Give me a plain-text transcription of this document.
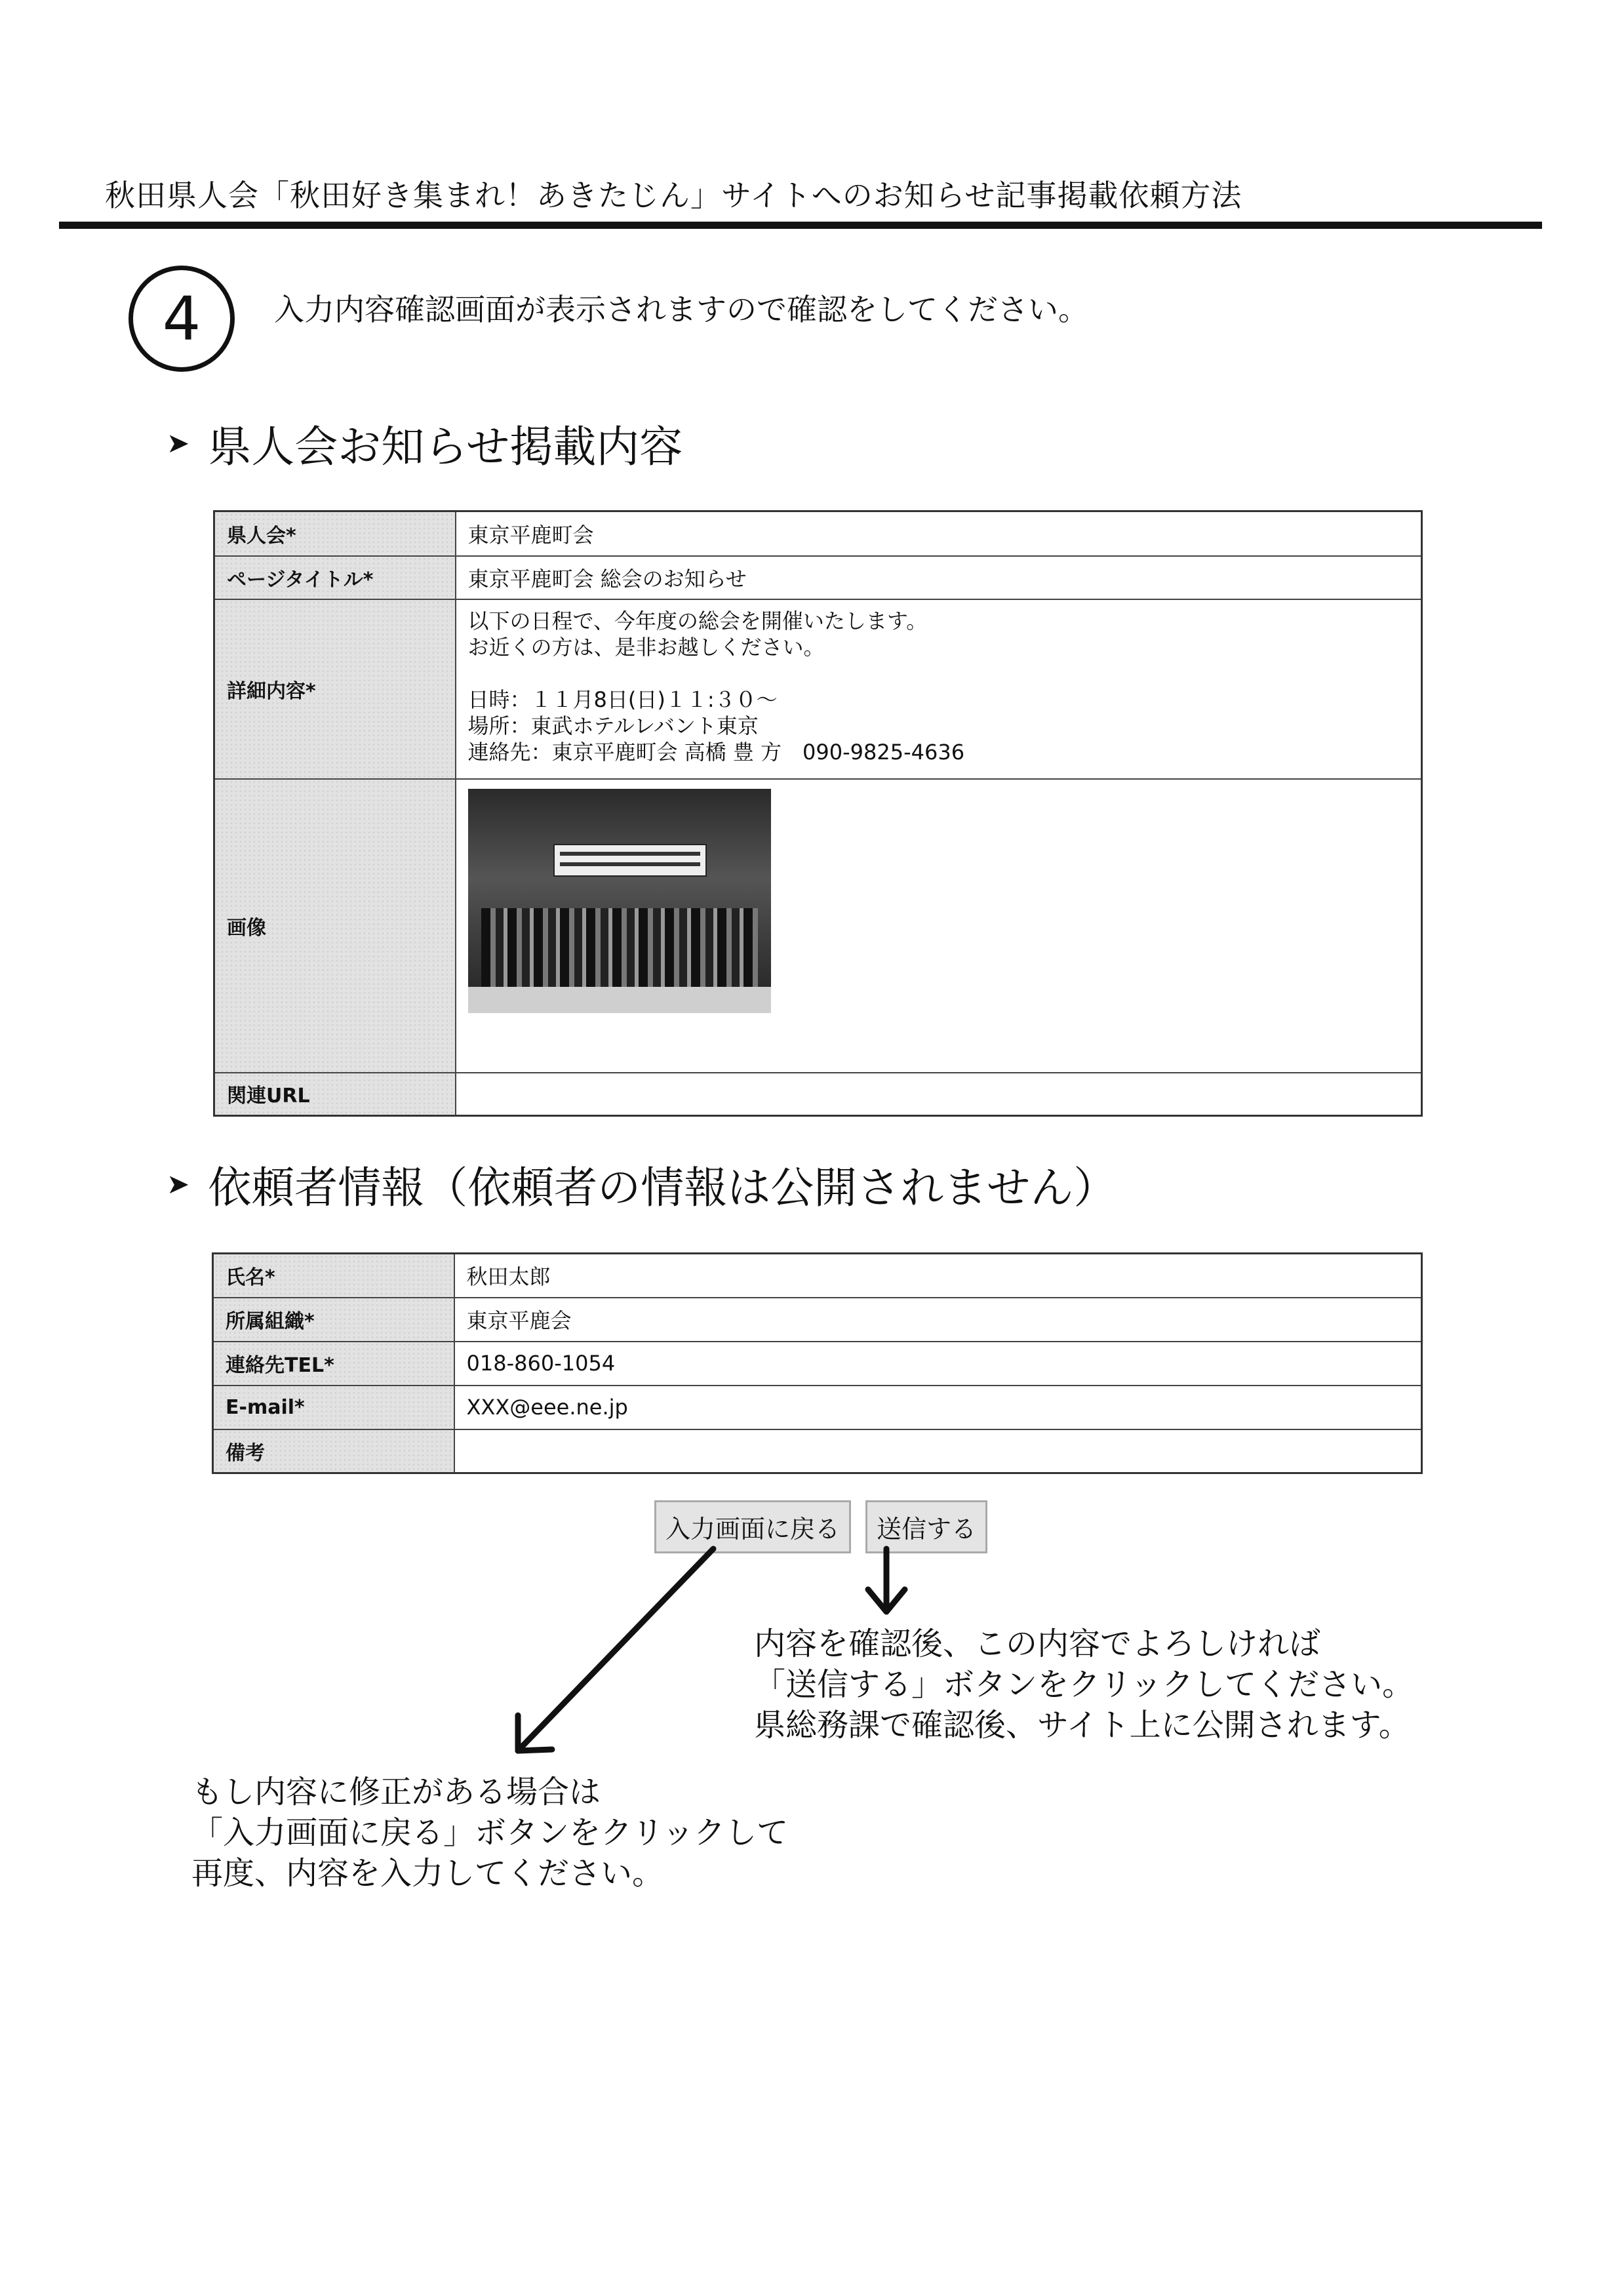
秋田県人会「秋田好き集まれ！あきたじん」サイトへのお知らせ記事掲載依頼方法
4	入力内容確認画面が表示されますので確認をしてください。
➤ 県人会お知らせ掲載内容
県人会*	東京平鹿町会
ページタイトル*	東京平鹿町会 総会のお知らせ
詳細内容*	以下の日程で、今年度の総会を開催いたします。
お近くの方は、是非お越しください。
日時：１１月8日(日)１１:３０～
場所：東武ホテルレバント東京
連絡先：東京平鹿町会 高橋 豊 方　090-9825-4636

画像	

関連URL	
➤ 依頼者情報（依頼者の情報は公開されません）
氏名*	秋田太郎
所属組織*	東京平鹿会
連絡先TEL*	018-860-1054
E-mail*	XXX@eee.ne.jp
備考	
入力画面に戻る	送信する
内容を確認後、この内容でよろしければ
「送信する」ボタンをクリックしてください。
県総務課で確認後、サイト上に公開されます。
もし内容に修正がある場合は
「入力画面に戻る」ボタンをクリックして
再度、内容を入力してください。
